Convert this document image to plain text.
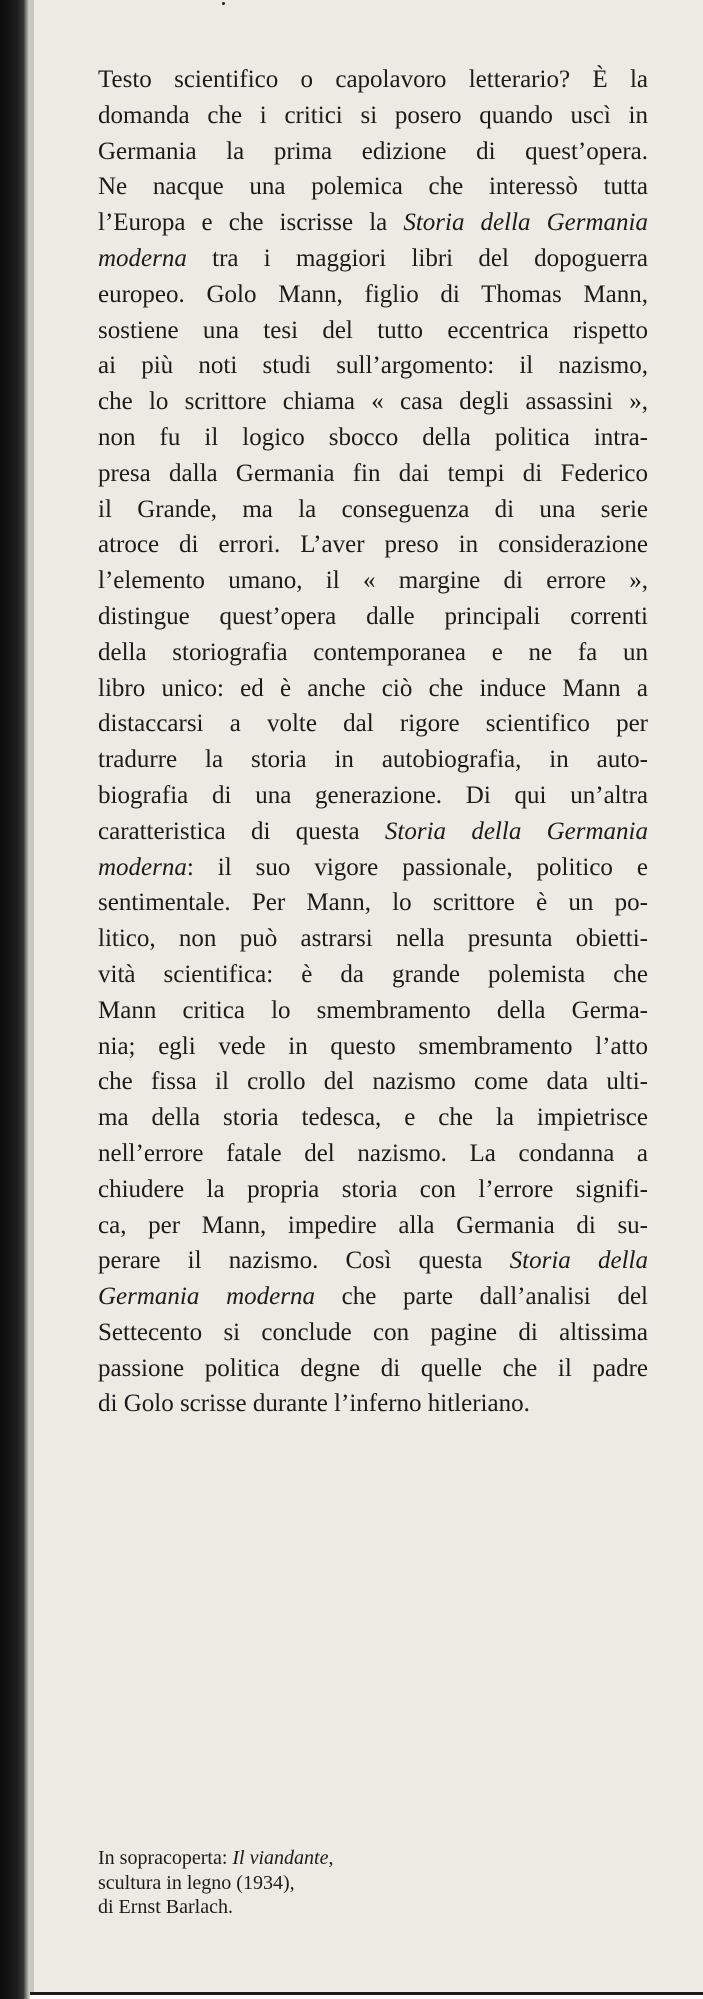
Testo scientifico o capolavoro letterario? È la
domanda che i critici si posero quando uscì in
Germania la prima edizione di quest’opera.
Ne nacque una polemica che interessò tutta
l’Europa e che iscrisse la Storia della Germania
moderna tra i maggiori libri del dopoguerra
europeo. Golo Mann, figlio di Thomas Mann,
sostiene una tesi del tutto eccentrica rispetto
ai più noti studi sull’argomento: il nazismo,
che lo scrittore chiama « casa degli assassini »,
non fu il logico sbocco della politica intra-
presa dalla Germania fin dai tempi di Federico
il Grande, ma la conseguenza di una serie
atroce di errori. L’aver preso in considerazione
l’elemento umano, il « margine di errore »,
distingue quest’opera dalle principali correnti
della storiografia contemporanea e ne fa un
libro unico: ed è anche ciò che induce Mann a
distaccarsi a volte dal rigore scientifico per
tradurre la storia in autobiografia, in auto-
biografia di una generazione. Di qui un’altra
caratteristica di questa Storia della Germania
moderna: il suo vigore passionale, politico e
sentimentale. Per Mann, lo scrittore è un po-
litico, non può astrarsi nella presunta obietti-
vità scientifica: è da grande polemista che
Mann critica lo smembramento della Germa-
nia; egli vede in questo smembramento l’atto
che fissa il crollo del nazismo come data ulti-
ma della storia tedesca, e che la impietrisce
nell’errore fatale del nazismo. La condanna a
chiudere la propria storia con l’errore signifi-
ca, per Mann, impedire alla Germania di su-
perare il nazismo. Così questa Storia della
Germania moderna che parte dall’analisi del
Settecento si conclude con pagine di altissima
passione politica degne di quelle che il padre
di Golo scrisse durante l’inferno hitleriano.
In sopracoperta: Il viandante,
scultura in legno (1934),
di Ernst Barlach.
